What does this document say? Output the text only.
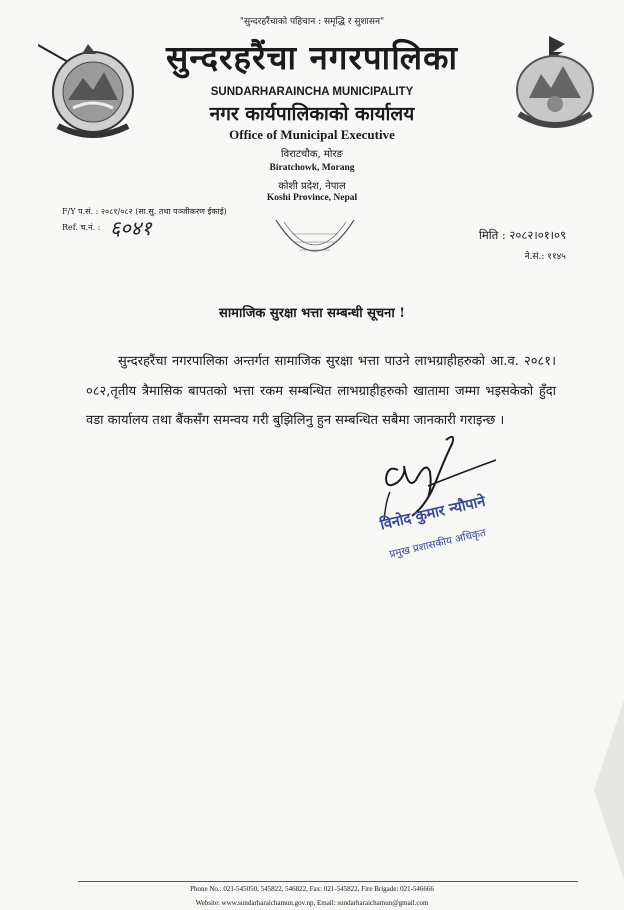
"सुन्दरहरैंचाको पहिचान : समृद्धि र सुशासन"
सुन्दरहरैंचा नगरपालिका
SUNDARHARAINCHA MUNICIPALITY
नगर कार्यपालिकाको कार्यालय
Office of Municipal Executive
विराटचौक, मोरङ
Biratchowk, Morang
कोशी प्रदेश, नेपाल
Koshi Province, Nepal
F/Y प.सं. : २०८१/०८२ (सा.सु. तथा पञ्जीकरण ईकाई)
Ref. च.नं. : ६०४१	मिति : २०८२।०१।०९
ने.सं.: ११४५
सामाजिक सुरक्षा भत्ता सम्बन्धी सूचना !
सुन्दरहरैंचा नगरपालिका अन्तर्गत सामाजिक सुरक्षा भत्ता पाउने लाभग्राहीहरुको आ.व. २०८१।०८२,तृतीय त्रैमासिक बापतको भत्ता रकम सम्बन्धित लाभग्राहीहरुको खातामा जम्मा भइसकेको हुँदा वडा कार्यालय तथा बैंकसँग समन्वय गरी बुझिलिनु हुन सम्बन्धित सबैमा जानकारी गराइन्छ ।
विनोद कुमार न्यौपाने
प्रमुख प्रशासकीय अधिकृत
Phone No.: 021-545050, 545822, 546822, Fax: 021-545822, Fire Brigade: 021-546666
Website: www.sundarharaichamun.gov.np, Email: sundarharaichamun@gmail.com
